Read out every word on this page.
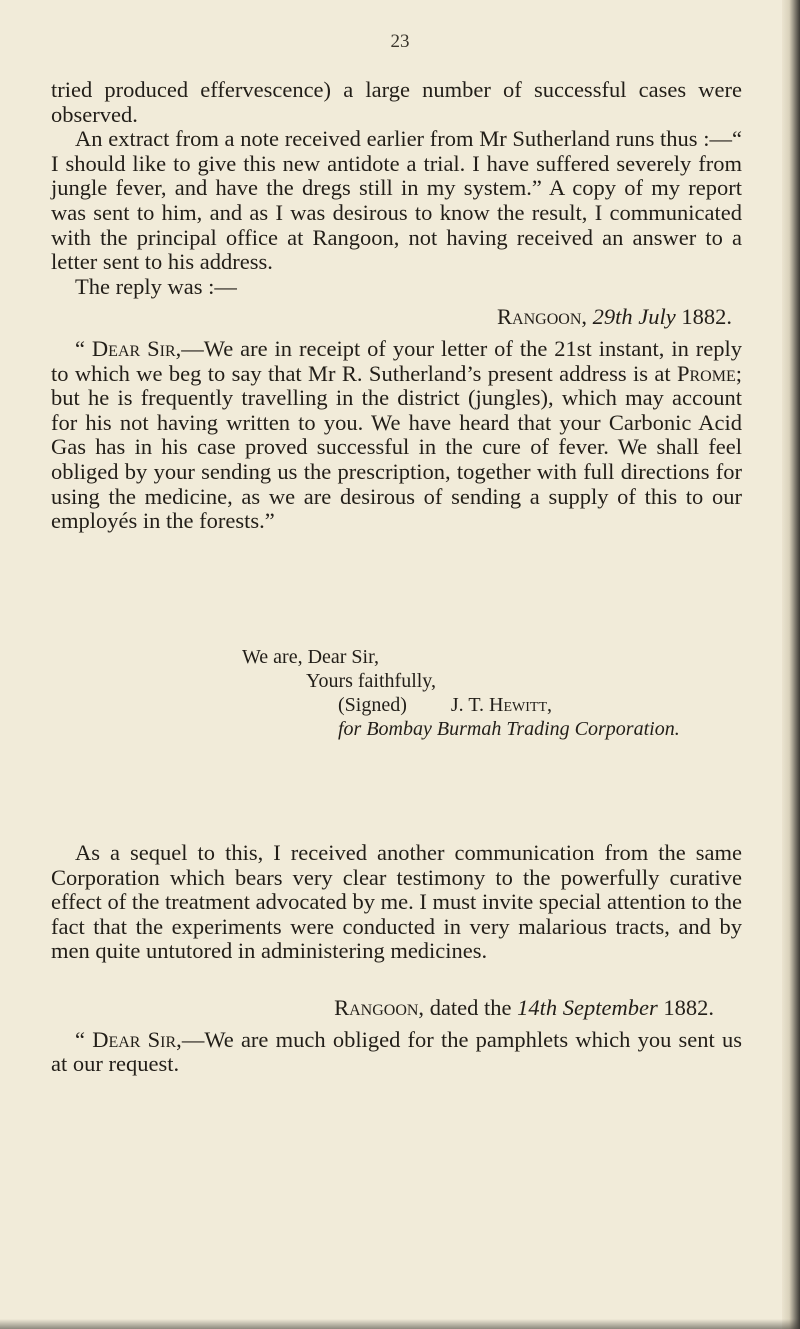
23

tried produced effervescence) a large number of successful cases were observed.

An extract from a note received earlier from Mr Sutherland runs thus :—“ I should like to give this new antidote a trial. I have suffered severely from jungle fever, and have the dregs still in my system.” A copy of my report was sent to him, and as I was desirous to know the result, I communicated with the principal office at Rangoon, not having received an answer to a letter sent to his address.

The reply was :—

Rangoon, 29th July 1882.

“ Dear Sir,—We are in receipt of your letter of the 21st instant, in reply to which we beg to say that Mr R. Sutherland’s present address is at Prome; but he is frequently travelling in the district (jungles), which may account for his not having written to you. We have heard that your Carbonic Acid Gas has in his case proved successful in the cure of fever. We shall feel obliged by your sending us the prescription, together with full directions for using the medicine, as we are desirous of sending a supply of this to our employés in the forests.”

We are, Dear Sir,
Yours faithfully,
(Signed) J. T. Hewitt,
for Bombay Burmah Trading Corporation.

As a sequel to this, I received another communication from the same Corporation which bears very clear testimony to the powerfully curative effect of the treatment advocated by me. I must invite special attention to the fact that the experiments were conducted in very malarious tracts, and by men quite untutored in administering medicines.

Rangoon, dated the 14th September 1882.

“ Dear Sir,—We are much obliged for the pamphlets which you sent us at our request.
